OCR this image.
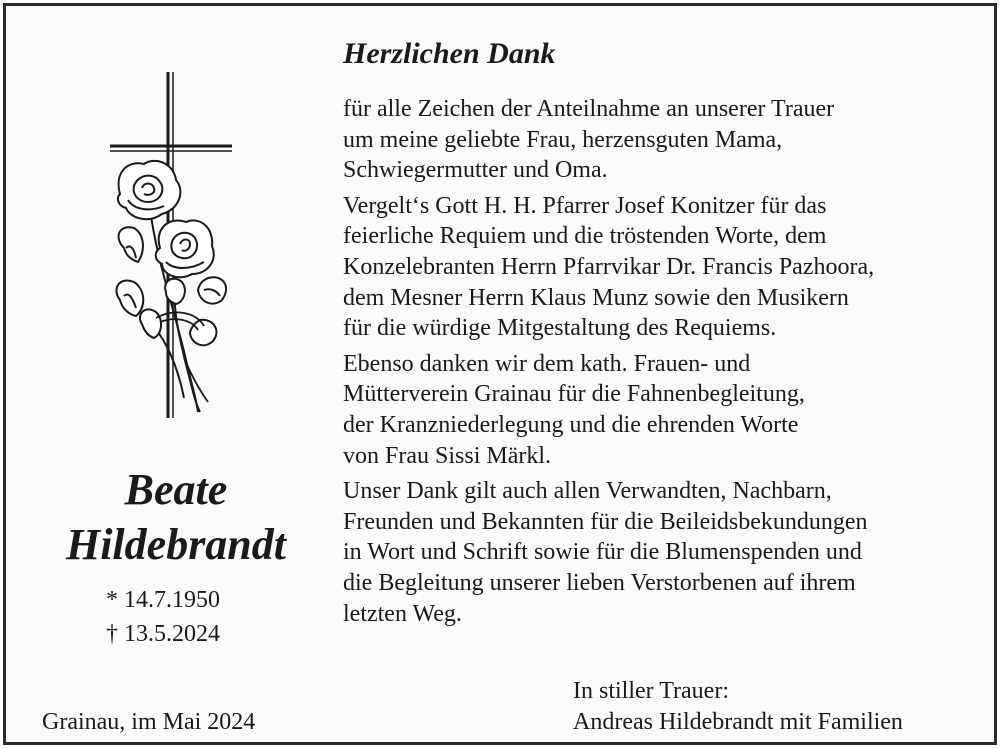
Beate
Hildebrandt
* 14.7.1950
† 13.5.2024
Grainau, im Mai 2024
Herzlichen Dank

für alle Zeichen der Anteilnahme an unserer Trauer
um meine geliebte Frau, herzensguten Mama,
Schwiegermutter und Oma.

Vergelt‘s Gott H. H. Pfarrer Josef Konitzer für das
feierliche Requiem und die tröstenden Worte, dem
Konzelebranten Herrn Pfarrvikar Dr. Francis Pazhoora,
dem Mesner Herrn Klaus Munz sowie den Musikern
für die würdige Mitgestaltung des Requiems.

Ebenso danken wir dem kath. Frauen- und
Mütterverein Grainau für die Fahnenbegleitung,
der Kranzniederlegung und die ehrenden Worte
von Frau Sissi Märkl.

Unser Dank gilt auch allen Verwandten, Nachbarn,
Freunden und Bekannten für die Beileidsbekundungen
in Wort und Schrift sowie für die Blumenspenden und
die Begleitung unserer lieben Verstorbenen auf ihrem
letzten Weg.

In stiller Trauer:
Andreas Hildebrandt mit Familien
